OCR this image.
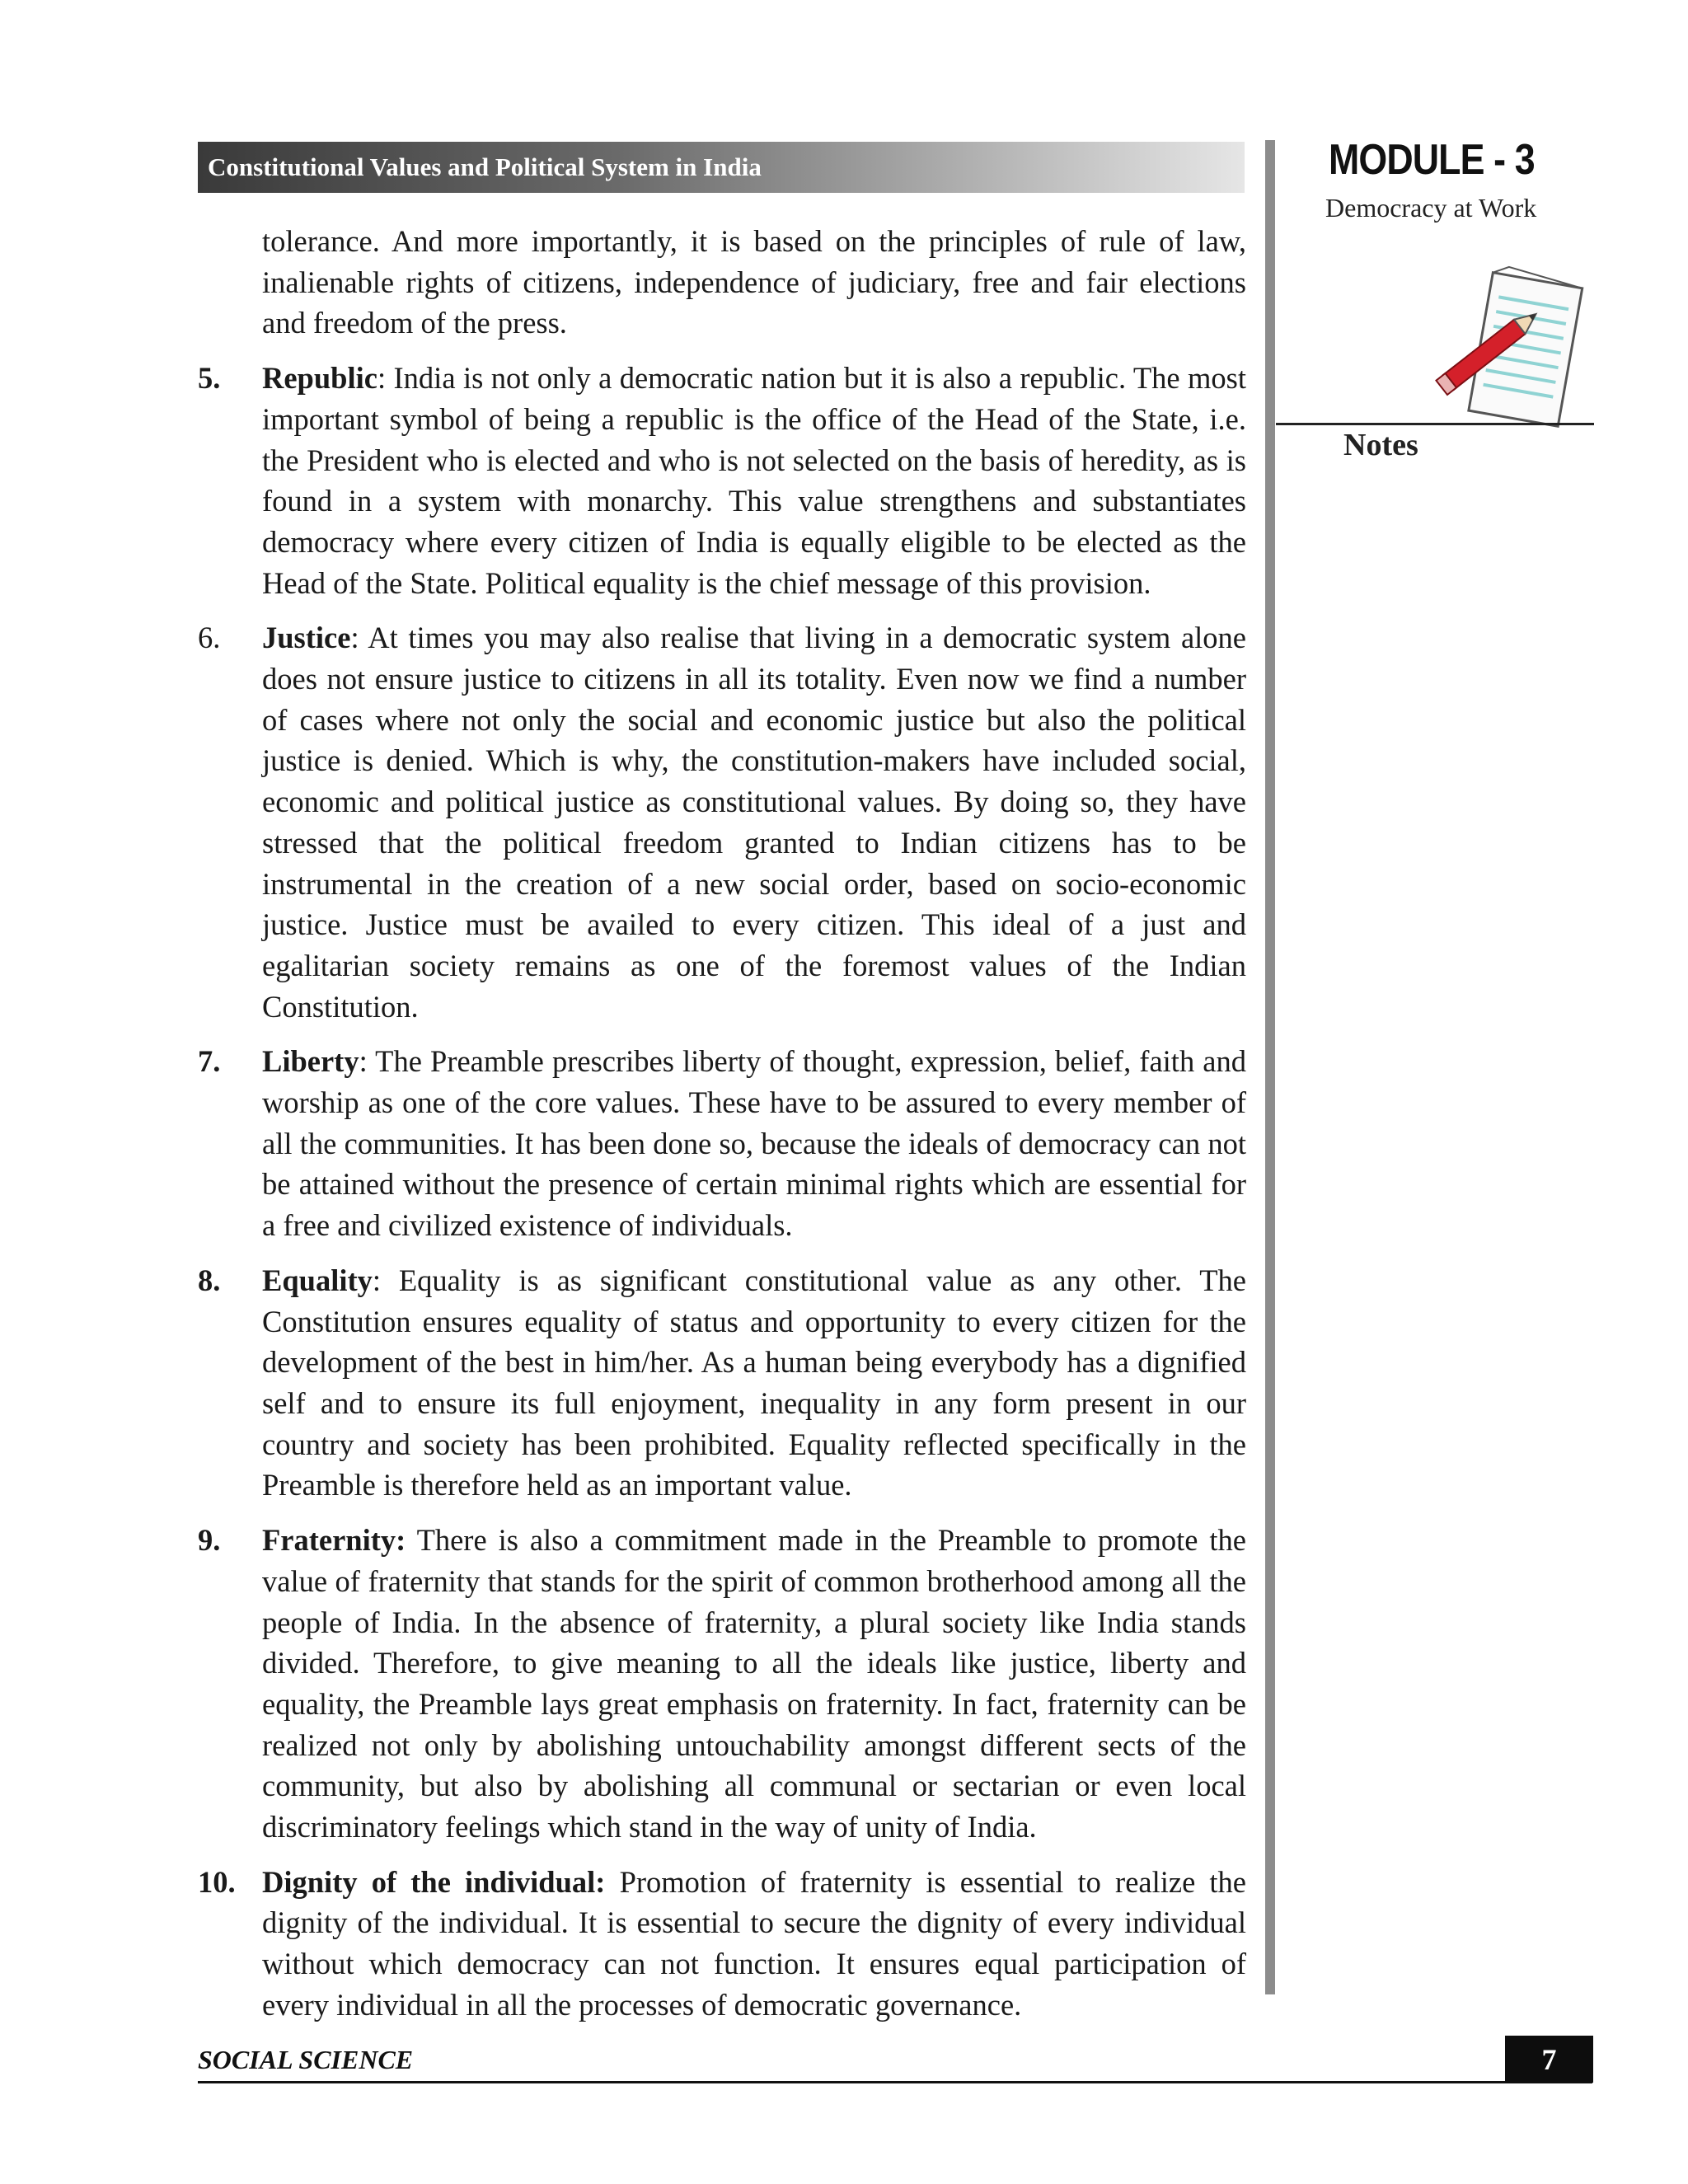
Constitutional Values and Political System in India	MODULE - 3
Democracy at Work
Notes

tolerance. And more importantly, it is based on the principles of rule of law, inalienable rights of citizens, independence of judiciary, free and fair elections and freedom of the press.

5. Republic: India is not only a democratic nation but it is also a republic. The most important symbol of being a republic is the office of the Head of the State, i.e. the President who is elected and who is not selected on the basis of heredity, as is found in a system with monarchy. This value strengthens and substantiates democracy where every citizen of India is equally eligible to be elected as the Head of the State. Political equality is the chief message of this provision.
6. Justice: At times you may also realise that living in a democratic system alone does not ensure justice to citizens in all its totality. Even now we find a number of cases where not only the social and economic justice but also the political justice is denied. Which is why, the constitution-makers have included social, economic and political justice as constitutional values. By doing so, they have stressed that the political freedom granted to Indian citizens has to be instrumental in the creation of a new social order, based on socio-economic justice. Justice must be availed to every citizen. This ideal of a just and egalitarian society remains as one of the foremost values of the Indian Constitution.
7. Liberty: The Preamble prescribes liberty of thought, expression, belief, faith and worship as one of the core values. These have to be assured to every member of all the communities. It has been done so, because the ideals of democracy can not be attained without the presence of certain minimal rights which are essential for a free and civilized existence of individuals.
8. Equality: Equality is as significant constitutional value as any other. The Constitution ensures equality of status and opportunity to every citizen for the development of the best in him/her. As a human being everybody has a dignified self and to ensure its full enjoyment, inequality in any form present in our country and society has been prohibited. Equality reflected specifically in the Preamble is therefore held as an important value.
9. Fraternity: There is also a commitment made in the Preamble to promote the value of fraternity that stands for the spirit of common brotherhood among all the people of India. In the absence of fraternity, a plural society like India stands divided. Therefore, to give meaning to all the ideals like justice, liberty and equality, the Preamble lays great emphasis on fraternity. In fact, fraternity can be realized not only by abolishing untouchability amongst different sects of the community, but also by abolishing all communal or sectarian or even local discriminatory feelings which stand in the way of unity of India.
10. Dignity of the individual: Promotion of fraternity is essential to realize the dignity of the individual. It is essential to secure the dignity of every individual without which democracy can not function. It ensures equal participation of every individual in all the processes of democratic governance.
SOCIAL SCIENCE	7
